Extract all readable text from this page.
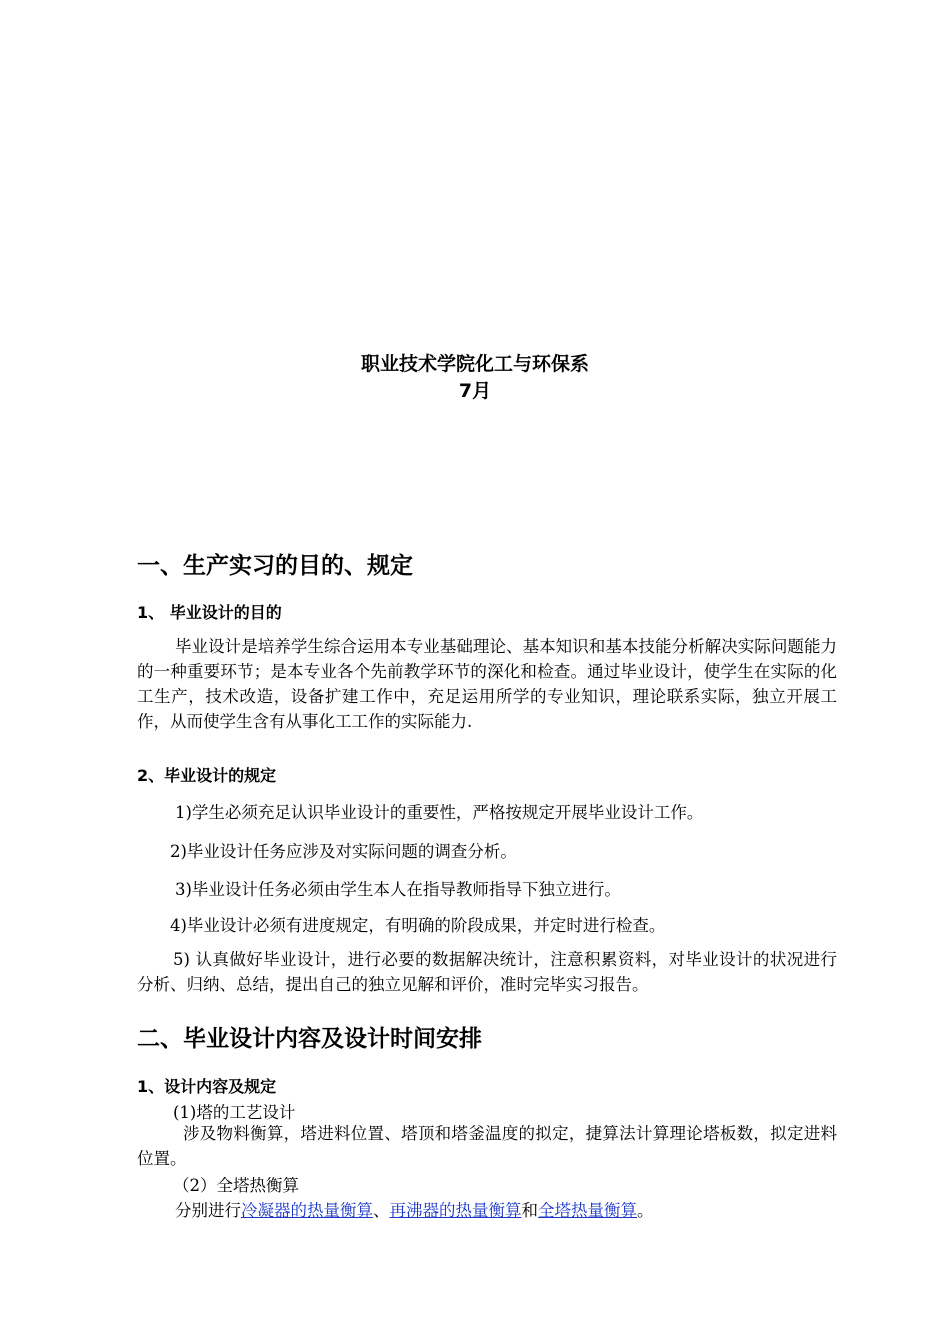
职业技术学院化工与环保系
7月
一、生产实习的目的、规定
1、 毕业设计的目的
毕业设计是培养学生综合运用本专业基础理论、基本知识和基本技能分析解决实际问题能力的一种重要环节；是本专业各个先前教学环节的深化和检查。通过毕业设计，使学生在实际的化工生产，技术改造，设备扩建工作中，充足运用所学的专业知识，理论联系实际，独立开展工作，从而使学生含有从事化工工作的实际能力.
2、毕业设计的规定
1)学生必须充足认识毕业设计的重要性，严格按规定开展毕业设计工作。
2)毕业设计任务应涉及对实际问题的调查分析。
3)毕业设计任务必须由学生本人在指导教师指导下独立进行。
4)毕业设计必须有进度规定，有明确的阶段成果，并定时进行检查。
5) 认真做好毕业设计，进行必要的数据解决统计，注意积累资料，对毕业设计的状况进行分析、归纳、总结，提出自己的独立见解和评价，准时完毕实习报告。
二、毕业设计内容及设计时间安排
1、设计内容及规定
(1)塔的工艺设计
涉及物料衡算，塔进料位置、塔顶和塔釜温度的拟定，捷算法计算理论塔板数，拟定进料位置。
（2）全塔热衡算
分别进行冷凝器的热量衡算、再沸器的热量衡算和全塔热量衡算。
